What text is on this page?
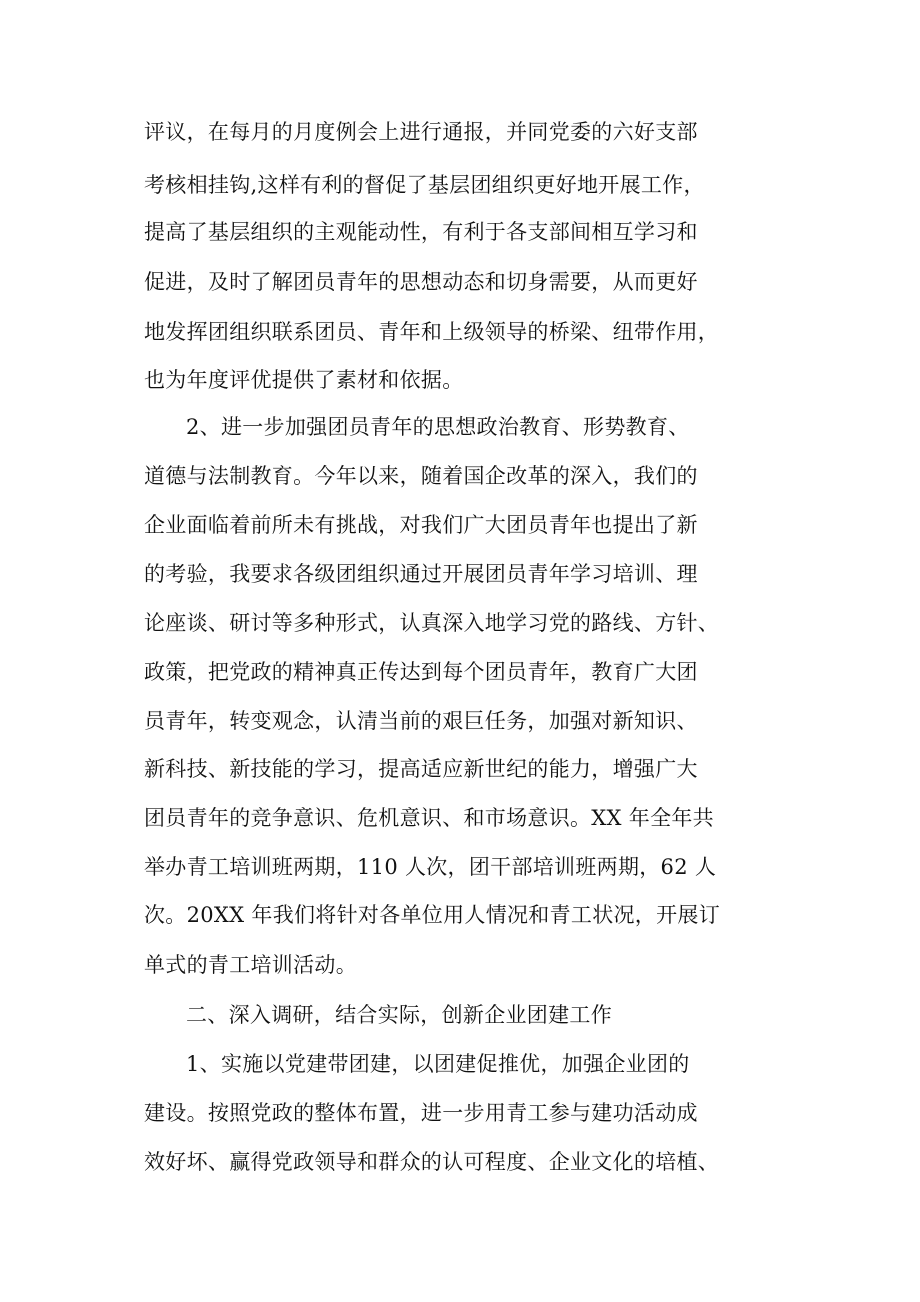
评议，在每月的月度例会上进行通报，并同党委的六好支部
考核相挂钩,这样有利的督促了基层团组织更好地开展工作，
提高了基层组织的主观能动性，有利于各支部间相互学习和
促进，及时了解团员青年的思想动态和切身需要，从而更好
地发挥团组织联系团员、青年和上级领导的桥梁、纽带作用，
也为年度评优提供了素材和依据。
2、进一步加强团员青年的思想政治教育、形势教育、
道德与法制教育。今年以来，随着国企改革的深入，我们的
企业面临着前所未有挑战，对我们广大团员青年也提出了新
的考验，我要求各级团组织通过开展团员青年学习培训、理
论座谈、研讨等多种形式，认真深入地学习党的路线、方针、
政策，把党政的精神真正传达到每个团员青年，教育广大团
员青年，转变观念，认清当前的艰巨任务，加强对新知识、
新科技、新技能的学习，提高适应新世纪的能力，增强广大
团员青年的竞争意识、危机意识、和市场意识。XX 年全年共
举办青工培训班两期，110 人次，团干部培训班两期，62 人
次。20XX 年我们将针对各单位用人情况和青工状况，开展订
单式的青工培训活动。
二、深入调研，结合实际，创新企业团建工作
1、实施以党建带团建，以团建促推优，加强企业团的
建设。按照党政的整体布置，进一步用青工参与建功活动成
效好坏、赢得党政领导和群众的认可程度、企业文化的培植、
